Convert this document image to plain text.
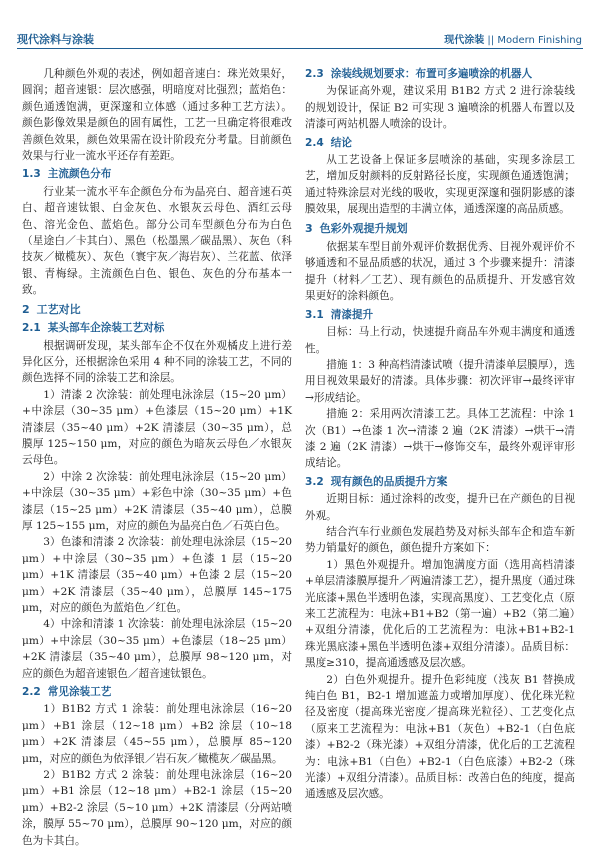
现代涂料与涂装	现代涂装 || Modern Finishing

几种颜色外观的表述，例如超音速白：珠光效果好，圆润；超音速银：层次感强，明暗度对比强烈；蓝焰色：颜色通透饱满，更深邃和立体感（通过多种工艺方法）。颜色影像效果是颜色的固有属性，工艺一旦确定将很难改善颜色效果，颜色效果需在设计阶段充分考量。目前颜色效果与行业一流水平还存有差距。

1.3 主流颜色分布

行业某一流水平车企颜色分布为晶亮白、超音速石英白、超音速钛银、白金灰色、水银灰云母色、酒红云母色、溶光金色、蓝焰色。部分公司车型颜色分布为白色（星途白／卡其白）、黑色（松墨黑／碳晶黑）、灰色（科技灰／橄榄灰）、灰色（寰宇灰／海岩灰）、兰花蓝、依泽银、青梅绿。主流颜色白色、银色、灰色的分布基本一致。

2 工艺对比
2.1 某头部车企涂装工艺对标

根据调研发现，某头部车企不仅在外观橘皮上进行差异化区分，还根据涂色采用 4 种不同的涂装工艺，不同的颜色选择不同的涂装工艺和涂层。

1）清漆 2 次涂装：前处理电泳涂层（15~20 μm）+中涂层（30~35 μm）+色漆层（15~20 μm）+1K 清漆层（35~40 μm）+2K 清漆层（30~35 μm），总膜厚 125~150 μm，对应的颜色为暗灰云母色／水银灰云母色。

2）中涂 2 次涂装：前处理电泳涂层（15~20 μm）+中涂层（30~35 μm）+彩色中涂（30~35 μm）+色漆层（15~25 μm）+2K 清漆层（35~40 μm），总膜厚 125~155 μm，对应的颜色为晶亮白色／石英白色。

3）色漆和清漆 2 次涂装：前处理电泳涂层（15~20 μm）+中涂层（30~35 μm）+色漆 1 层（15~20 μm）+1K 清漆层（35~40 μm）+色漆 2 层（15~20 μm）+2K 清漆层（35~40 μm），总膜厚 145~175 μm，对应的颜色为蓝焰色／红色。

4）中涂和清漆 1 次涂装：前处理电泳涂层（15~20 μm）+中涂层（30~35 μm）+色漆层（18~25 μm）+2K 清漆层（35~40 μm），总膜厚 98~120 μm，对应的颜色为超音速银色／超音速钛银色。

2.2 常见涂装工艺

1）B1B2 方式 1 涂装：前处理电泳涂层（16~20 μm）+B1 涂层（12~18 μm）+B2 涂层（10~18 μm）+2K 清漆层（45~55 μm），总膜厚 85~120 μm，对应的颜色为依泽银／岩石灰／橄榄灰／碳晶黑。

2）B1B2 方式 2 涂装：前处理电泳涂层（16~20 μm）+B1 涂层（12~18 μm）+B2-1 涂层（15~20 μm）+B2-2 涂层（5~10 μm）+2K 清漆层（分两站喷涂，膜厚 55~70 μm），总膜厚 90~120 μm，对应的颜色为卡其白。

2.3 涂装线规划要求：布置可多遍喷涂的机器人

为保证高外观，建议采用 B1B2 方式 2 进行涂装线的规划设计，保证 B2 可实现 3 遍喷涂的机器人布置以及清漆可两站机器人喷涂的设计。

2.4 结论

从工艺设备上保证多层喷涂的基础，实现多涂层工艺，增加反射颜料的反射路径长度，实现颜色通透饱满；通过特殊涂层对光线的吸收，实现更深邃和强阴影感的漆膜效果，展现出造型的丰满立体，通透深邃的高品质感。

3 色彩外观提升规划

依据某车型目前外观评价数据优秀、目视外观评价不够通透和不显品质感的状况，通过 3 个步骤来提升：清漆提升（材料／工艺）、现有颜色的品质提升、开发感官效果更好的涂料颜色。

3.1 清漆提升

目标：马上行动，快速提升商品车外观丰满度和通透性。

措施 1：3 种高档清漆试喷（提升清漆单层膜厚），选用目视效果最好的清漆。具体步骤：初次评审→最终评审→形成结论。

措施 2：采用两次清漆工艺。具体工艺流程：中涂 1 次（B1）→色漆 1 次→清漆 2 遍（2K 清漆）→烘干→清漆 2 遍（2K 清漆）→烘干→修饰交车，最终外观评审形成结论。

3.2 现有颜色的品质提升方案

近期目标：通过涂料的改变，提升已在产颜色的目视外观。

结合汽车行业颜色发展趋势及对标头部车企和造车新势力销量好的颜色，颜色提升方案如下：

1）黑色外观提升。增加饱满度方面（选用高档清漆+单层清漆膜厚提升／两遍清漆工艺），提升黑度（通过珠光底漆+黑色半透明色漆，实现高黑度）、工艺变化点（原来工艺流程为：电泳+B1+B2（第一遍）+B2（第二遍）+双组分清漆，优化后的工艺流程为：电泳+B1+B2-1 珠光黑底漆+黑色半透明色漆+双组分清漆）。品质目标：黑度≥310，提高通透感及层次感。

2）白色外观提升。提升色彩纯度（浅灰 B1 替换成纯白色 B1，B2-1 增加遮盖力或增加厚度）、优化珠光粒径及密度（提高珠光密度／提高珠光粒径）、工艺变化点（原来工艺流程为：电泳+B1（灰色）+B2-1（白色底漆）+B2-2（珠光漆）+双组分清漆，优化后的工艺流程为：电泳+B1（白色）+B2-1（白色底漆）+B2-2（珠光漆）+双组分清漆）。品质目标：改善白色的纯度，提高通透感及层次感。
